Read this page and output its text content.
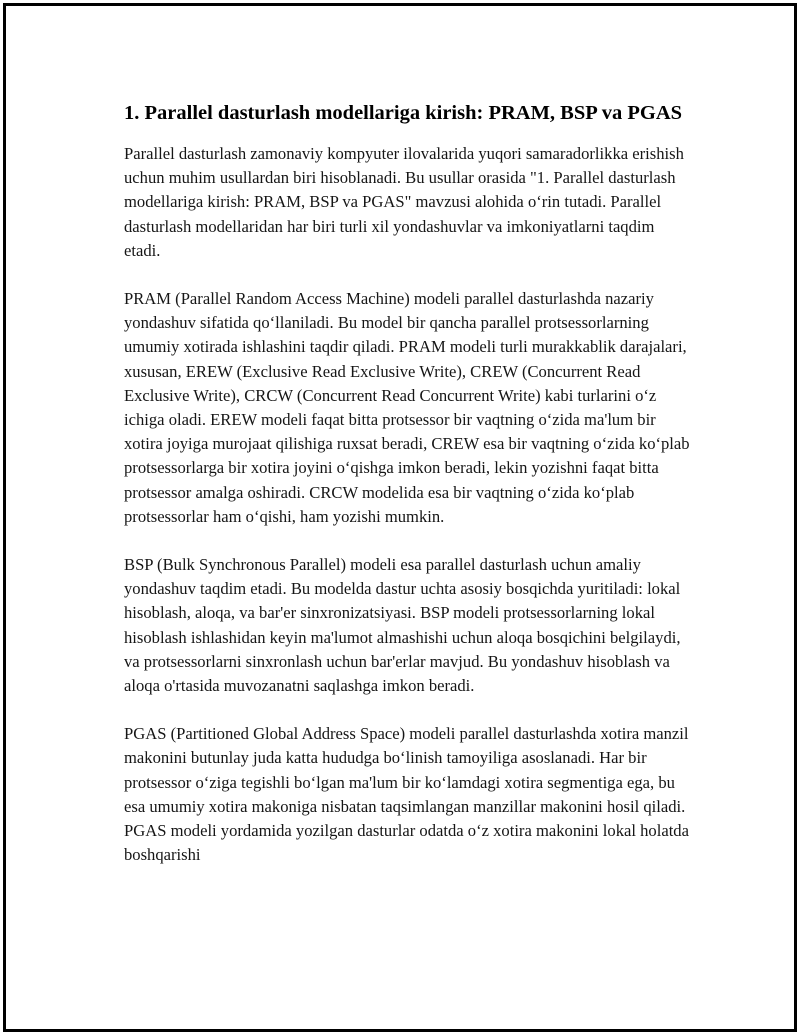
1. Parallel dasturlash modellariga kirish: PRAM, BSP va PGAS

Parallel dasturlash zamonaviy kompyuter ilovalarida yuqori samaradorlikka erishish uchun muhim usullardan biri hisoblanadi. Bu usullar orasida "1. Parallel dasturlash modellariga kirish: PRAM, BSP va PGAS" mavzusi alohida oʻrin tutadi. Parallel dasturlash modellaridan har biri turli xil yondashuvlar va imkoniyatlarni taqdim etadi.

PRAM (Parallel Random Access Machine) modeli parallel dasturlashda nazariy yondashuv sifatida qoʻllaniladi. Bu model bir qancha parallel protsessorlarning umumiy xotirada ishlashini taqdir qiladi. PRAM modeli turli murakkablik darajalari, xususan, EREW (Exclusive Read Exclusive Write), CREW (Concurrent Read Exclusive Write), CRCW (Concurrent Read Concurrent Write) kabi turlarini oʻz ichiga oladi. EREW modeli faqat bitta protsessor bir vaqtning oʻzida ma'lum bir xotira joyiga murojaat qilishiga ruxsat beradi, CREW esa bir vaqtning oʻzida koʻplab protsessorlarga bir xotira joyini oʻqishga imkon beradi, lekin yozishni faqat bitta protsessor amalga oshiradi. CRCW modelida esa bir vaqtning oʻzida koʻplab protsessorlar ham oʻqishi, ham yozishi mumkin.

BSP (Bulk Synchronous Parallel) modeli esa parallel dasturlash uchun amaliy yondashuv taqdim etadi. Bu modelda dastur uchta asosiy bosqichda yuritiladi: lokal hisoblash, aloqa, va bar'er sinxronizatsiyasi. BSP modeli protsessorlarning lokal hisoblash ishlashidan keyin ma'lumot almashishi uchun aloqa bosqichini belgilaydi, va protsessorlarni sinxronlash uchun bar'erlar mavjud. Bu yondashuv hisoblash va aloqa o'rtasida muvozanatni saqlashga imkon beradi.

PGAS (Partitioned Global Address Space) modeli parallel dasturlashda xotira manzil makonini butunlay juda katta hududga boʻlinish tamoyiliga asoslanadi. Har bir protsessor oʻziga tegishli boʻlgan ma'lum bir koʻlamdagi xotira segmentiga ega, bu esa umumiy xotira makoniga nisbatan taqsimlangan manzillar makonini hosil qiladi. PGAS modeli yordamida yozilgan dasturlar odatda oʻz xotira makonini lokal holatda boshqarishi
